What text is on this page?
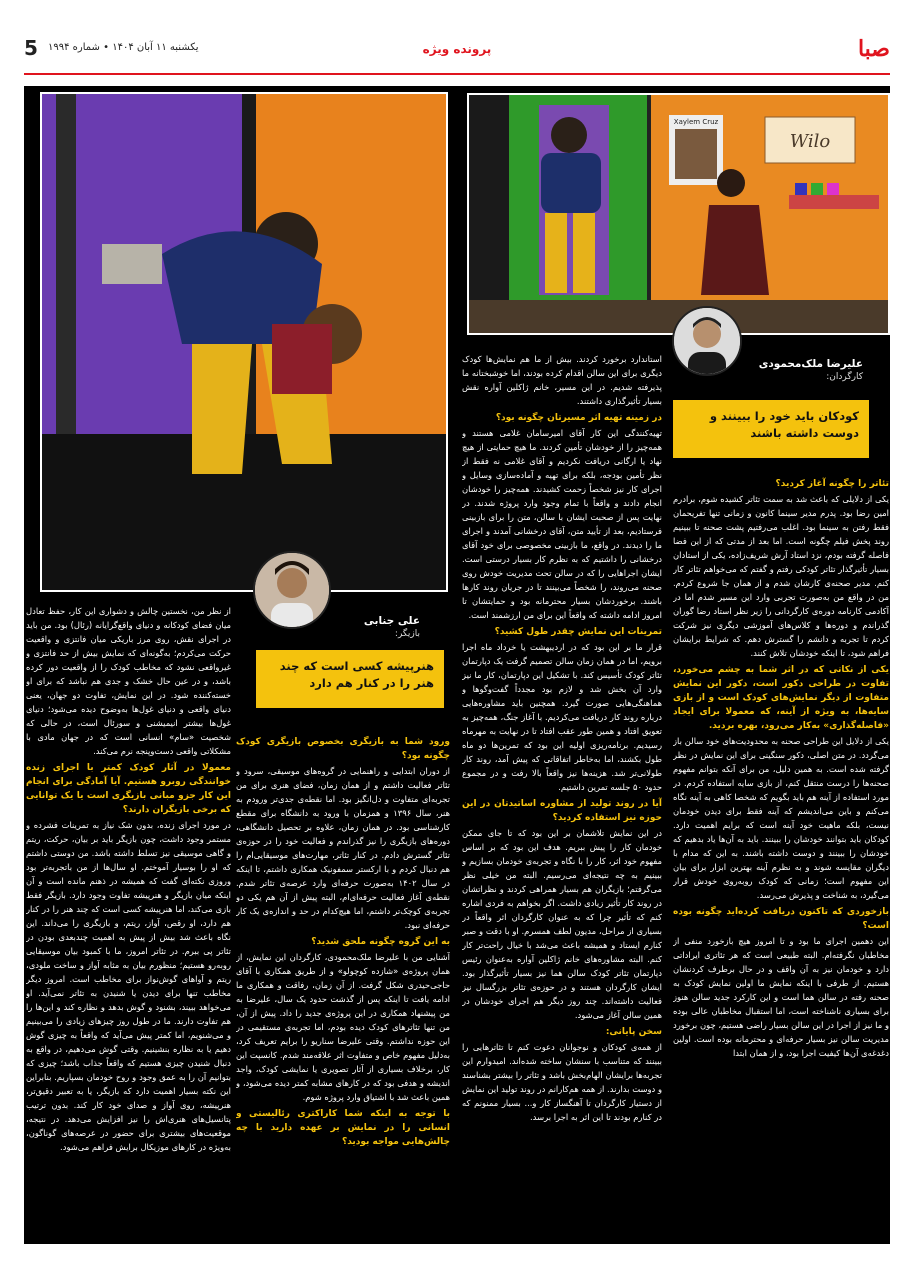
صبا
پرونده ویژه
یکشنبه ۱۱ آبان ۱۴۰۴ • شماره ۱۹۹۴
5
Xaylem Cruz
Wilo
علیرضا ملک‌محمودی
کارگردان:
کودکان باید خود را ببینند و دوست داشته باشند
علی جنابی
بازیگر:
هنرپیشه کسی است که چند هنر را در کنار هم دارد
تئاتر را چگونه آغاز کردید؟

یکی از دلایلی که باعث شد به سمت تئاتر کشیده شوم، برادرم امین رضا بود. پدرم مدیر سینما کانون و زمانی تنها تفریحمان فقط رفتن به سینما بود. اغلب می‌رفتیم پشت صحنه تا ببینیم روند پخش فیلم چگونه است. اما بعد از مدتی که از این فضا فاصله گرفته بودم، نزد استاد آرش شریف‌زاده، یکی از استادان بسیار تأثیرگذار تئاتر کودکی رفتم و گفتم که می‌خواهم تئاتر کار کنم. مدیر صحنه‌ی کارشان شدم و از همان جا شروع کردم. من در واقع من به‌صورت تجربی وارد این مسیر شدم اما در آکادمی کارنامه دوره‌ی کارگردانی را زیر نظر استاد رضا گوران گذراندم و دوره‌ها و کلاس‌های آموزشی دیگری نیز شرکت کردم تا تجربه و دانشم را گسترش دهم. که شرایط برایشان فراهم شود، تا اینکه خودشان تلاش کنند.

یکی از نکاتی که در اثر شما به چشم می‌خورد، تفاوت در طراحی دکور است، دکور این نمایش متفاوت از دیگر نمایش‌های کودک است و از بازی سایه‌ها، به ویژه از آینه، که معمولا برای ایجاد «فاصله‌گذاری» به‌کار می‌رود، بهره بردید.

یکی از دلایل این طراحی صحنه به محدودیت‌های خود سالن باز می‌گردد. در متن اصلی، دکور سنگینی برای این نمایش در نظر گرفته شده است. به همین دلیل، من برای آنکه بتوانم مفهوم صحنه‌ها را درست منتقل کنم، از بازی سایه استفاده کردم. در مورد استفاده از آینه هم باید بگویم که شخصا کاهی به آینه نگاه می‌کنم و باین می‌اندیشم که آینه فقط برای دیدن خودمان نیست، بلکه ماهیت خود آینه است که برایم اهمیت دارد. کودکان باید بتوانند خودشان را ببینند. باید به آن‌ها یاد بدهیم که خودشان را ببینند و دوست داشته باشند. به این که مدام با دیگران مقایسه شوند و به نظرم آینه بهترین ابزار برای بیان این مفهوم است؛ زمانی که کودک روبه‌روی خودش قرار می‌گیرد، به شناخت و پذیرش می‌رسد.

بازخوردی که تاکنون دریافت کرده‌اید چگونه بوده است؟

این دهمین اجرای ما بود و تا امروز هیچ بازخورد منفی از مخاطبان نگرفته‌ام. البته طبیعی است که هر تئاتری ایراداتی دارد و خودمان نیز به آن واقف و در حال برطرف کردنشان هستیم. از طرفی با اینکه نمایش ما اولین نمایش کودک به صحنه رفته در سالن هما است و این کارکرد جدید سالن هنوز برای بسیاری ناشناخته است، اما استقبال مخاطبان عالی بوده و ما نیز از اجرا در این سالن بسیار راضی هستیم، چون برخورد مدیریت سالن نیز بسیار حرفه‌ای و محترمانه بوده است. اولین دغدغه‌ی آن‌ها کیفیت اجرا بود، و از همان ابتدا

استاندارد برخورد کردند. بیش از ما هم نمایش‌ها کودک دیگری برای این سالن اقدام کرده بودند، اما خوشبختانه ما پذیرفته شدیم. در این مسیر، خانم ژاکلین آواره نقش بسیار تأثیرگذاری داشتند.

در زمینه تهیه اثر مسیرتان چگونه بود؟

تهیه‌کنندگی این کار آقای امیرسامان غلامی هستند و همه‌چیز را از خودشان تأمین کردند. ما هیچ حمایتی از هیچ نهاد یا ارگانی دریافت نکردیم و آقای غلامی نه فقط از نظر تأمین بودجه، بلکه برای تهیه و آماده‌سازی وسایل و اجرای کار نیز شخصاً زحمت کشیدند. همه‌چیز را خودشان انجام دادند و واقعاً با تمام وجود وارد پروژه شدند. در نهایت پس از صحبت ایشان با سالن، متن را برای بازبینی فرستادیم، بعد از تأیید متن، آقای درخشانی آمدند و اجرای ما را دیدند. در واقع، ما بازبینی مخصوصی برای خود آقای درخشانی را داشتیم که به نظرم کار بسیار درستی است. ایشان اجراهایی را که در سالن تحت مدیریت خودش روی صحنه می‌روند، را شخصاً می‌بینند تا در جریان روند کارها باشند. برخوردشان بسیار محترمانه بود و حمایتشان تا امروز ادامه داشته که واقعاً این برای من ارزشمند است.

تمرینات این نمایش چقدر طول کشید؟

قرار ما بر این بود که در اردیبهشت یا خرداد ماه اجرا برویم، اما در همان زمان سالن تصمیم گرفت یک دپارتمان تئاتر کودک تأسیس کند. با تشکیل این دپارتمان، کار ما نیز وارد آن بخش شد و لازم بود مجدداً گفت‌وگوها و هماهنگی‌هایی صورت گیرد. همچنین باید مشاوره‌هایی درباره روند کار دریافت می‌کردیم. با آغاز جنگ، همه‌چیز به تعویق افتاد و همین طور عقب افتاد تا در نهایت به مهرماه رسیدیم. برنامه‌ریزی اولیه این بود که تمرین‌ها دو ماه طول بکشند، اما به‌خاطر اتفاقاتی که پیش آمد، روند کار طولانی‌تر شد. هزینه‌ها نیز واقعاً بالا رفت و در مجموع حدود ۵۰ جلسه تمرین داشتیم.

آیا در روند تولید از مشاوره اساتیدتان در این حوزه نیز استفاده کردید؟

در این نمایش تلاشمان بر این بود که تا جای ممکن خودمان کار را پیش ببریم. هدف این بود که بر اساس مفهوم خود اثر، کار را با نگاه و تجربه‌ی خودمان بسازیم و ببینیم به چه نتیجه‌ای می‌رسیم. البته من خیلی نظر می‌گرفتم؛ بازیگران هم بسیار همراهی کردند و نظراتشان در روند کار تأثیر زیادی داشت. اگر بخواهم به فردی اشاره کنم که تأثیر چرا که به عنوان کارگردان اثر واقعاً در بسیاری از مراحل، مدیون لطف همسرم. او با دقت و صبر کنارم ایستاد و همیشه باعث می‌شد با خیال راحت‌تر کار کنم. البته مشاوره‌های خانم ژاکلین آواره به‌عنوان رئیس دپارتمان تئاتر کودک سالن هما نیز بسیار تأثیرگذار بود. ایشان کارگردان هستند و در حوزه‌ی تئاتر بزرگسال نیز فعالیت داشته‌اند. چند روز دیگر هم اجرای خودشان در همین سالن آغاز می‌شود.

سخن پایانی:

از همه‌ی کودکان و نوجوانان دعوت کنم تا تئاترهایی را ببینند که متناسب با سنشان ساخته شده‌اند. امیدوارم این تجربه‌ها برایشان الهام‌بخش باشد و تئاتر را بیشتر بشناسند و دوست بدارند. از همه هم‌کارانم در روند تولید این نمایش از دستیار کارگردان تا آهنگساز کار و... بسیار ممنونم که در کنارم بودند تا این اثر به اجرا برسد.

ورود شما به بازیگری بخصوص بازیگری کودک چگونه بود؟

از دوران ابتدایی و راهنمایی در گروه‌های موسیقی، سرود و تئاتر فعالیت داشتم و از همان زمان، فضای هنری برای من تجربه‌ای متفاوت و دل‌انگیز بود. اما نقطه‌ی جدی‌تر ورودم به هنر، سال ۱۳۹۶ و همزمان با ورود به دانشگاه برای مقطع کارشناسی بود. در همان زمان، علاوه بر تحصیل دانشگاهی، دوره‌های بازیگری را نیز گذراندم و فعالیت خود را در حوزه‌ی تئاتر گسترش دادم. در کنار تئاتر، مهارت‌های موسیقایی‌ام را هم دنبال کردم و با ارکستر سمفونیک همکاری داشتم، تا اینکه در سال ۱۴۰۲ به‌صورت حرفه‌ای وارد عرصه‌ی تئاتر شدم. نقطه‌ی آغاز فعالیت حرفه‌ای‌ام، البته پیش از آن هم یکی دو تجربه‌ی کوچک‌تر داشتم، اما هیچ‌کدام در حد و اندازه‌ی یک کار حرفه‌ای نبود.

به این گروه چگونه ملحق شدید؟

آشنایی من با علیرضا ملک‌محمودی، کارگردان این نمایش، از همان پروژه‌ی «شازده کوچولو» و از طریق همکاری با آقای حاجی‌حیدری شکل گرفت. از آن زمان، رفاقت و همکاری ما ادامه یافت تا اینکه پس از گذشت حدود یک سال، علیرضا به من پیشنهاد همکاری در این پروژه‌ی جدید را داد. پیش از آن، من تنها تئاترهای کودک دیده بودم، اما تجربه‌ی مستقیمی در این حوزه نداشتم. وقتی علیرضا سناریو را برایم تعریف کرد، به‌دلیل مفهوم خاص و متفاوت اثر علاقه‌مند شدم. کانسپت این کار، برخلاف بسیاری از آثار تصویری یا نمایشی کودک، واجد اندیشه و هدفی بود که در کارهای مشابه کمتر دیده می‌شود، و همین باعث شد با اشتیاق وارد پروژه شوم.

با توجه به اینکه شما کاراکتری رئالیستی و انسانی را در نمایش بر عهده دارید با چه چالش‌هایی مواجه بودید؟

از نظر من، نخستین چالش و دشواری این کار، حفظ تعادل میان فضای کودکانه و دنیای واقع‌گرایانه (رئال) بود. من باید در اجرای نقش، روی مرز باریکی میان فانتزی و واقعیت حرکت می‌کردم؛ به‌گونه‌ای که نمایش بیش از حد فانتزی و غیرواقعی نشود که مخاطب کودک را از واقعیت دور کرده باشد، و در عین حال خشک و جدی هم نباشد که برای او خسته‌کننده شود. در این نمایش، تفاوت دو جهان، یعنی دنیای واقعی و دنیای غول‌ها به‌وضوح دیده می‌شود؛ دنیای غول‌ها بیشتر انیمیشنی و سورئال است، در حالی که شخصیت «سام» انسانی است که در جهان مادی با مشکلاتی واقعی دست‌وپنجه نرم می‌کند.

معمولا در آثار کودک کمتر با اجرای زنده خوانندگی روبرو هستیم. آیا آمادگی برای انجام این کار جزو مبانی بازیگری است یا یک توانایی که برخی بازیگران دارند؟

در مورد اجرای زنده، بدون شک نیاز به تمرینات فشرده و مستمر وجود داشت، چون بازیگر باید بر بیان، حرکت، ریتم و گاهی موسیقی نیز تسلط داشته باشد. من دوستی داشتم که او را بوسیار آموختم. او سال‌ها از من باتجربه‌تر بود وروزی نکته‌ای گفت که همیشه در ذهنم مانده است و آن اینکه میان بازیگر و هنرپیشه تفاوت وجود دارد. بازیگر فقط بازی می‌کند، اما هنرپیشه کسی است که چند هنر را در کنار هم دارد، او رقص، آواز، ریتم، و بازیگری را می‌داند. این نگاه باعث شد بیش از پیش به اهمیت چندبعدی بودن در تئاتر پی ببرم. در تئاتر امروز، ما با کمبود بیان موسیقایی روبه‌رو هستیم؛ منظورم بیان به مثابه آواز و ساخت ملودی، ریتم و آواهای گوش‌نواز برای مخاطب است. امروز دیگر مخاطب تنها برای دیدن یا شنیدن به تئاتر نمی‌آید. او می‌خواهد ببیند، بشنود و گوش بدهد و نظاره کند و این‌ها را هم تفاوت دارند. ما در طول روز چیزهای زیادی را می‌بینیم و می‌شنویم، اما کمتر پیش می‌آید که واقعاً به چیزی گوش دهیم یا به نظاره بنشینیم. وقتی گوش می‌دهیم، در واقع به دنبال شنیدن چیزی هستیم که واقعاً جذاب باشد؛ چیزی که بتوانیم آن را به عمق وجود و روح خودمان بسپاریم. بنابراین این نکته بسیار اهمیت دارد که بازیگر، یا به تعبیر دقیق‌تر، هنرپیشه، روی آواز و صدای خود کار کند. بدون ترتیب پتانسیل‌های هنری‌اش را نیز افزایش می‌دهد. در نتیجه، موقعیت‌های بیشتری برای حضور در عرصه‌های گوناگون، به‌ویژه در کارهای موزیکال برایش فراهم می‌شود.
